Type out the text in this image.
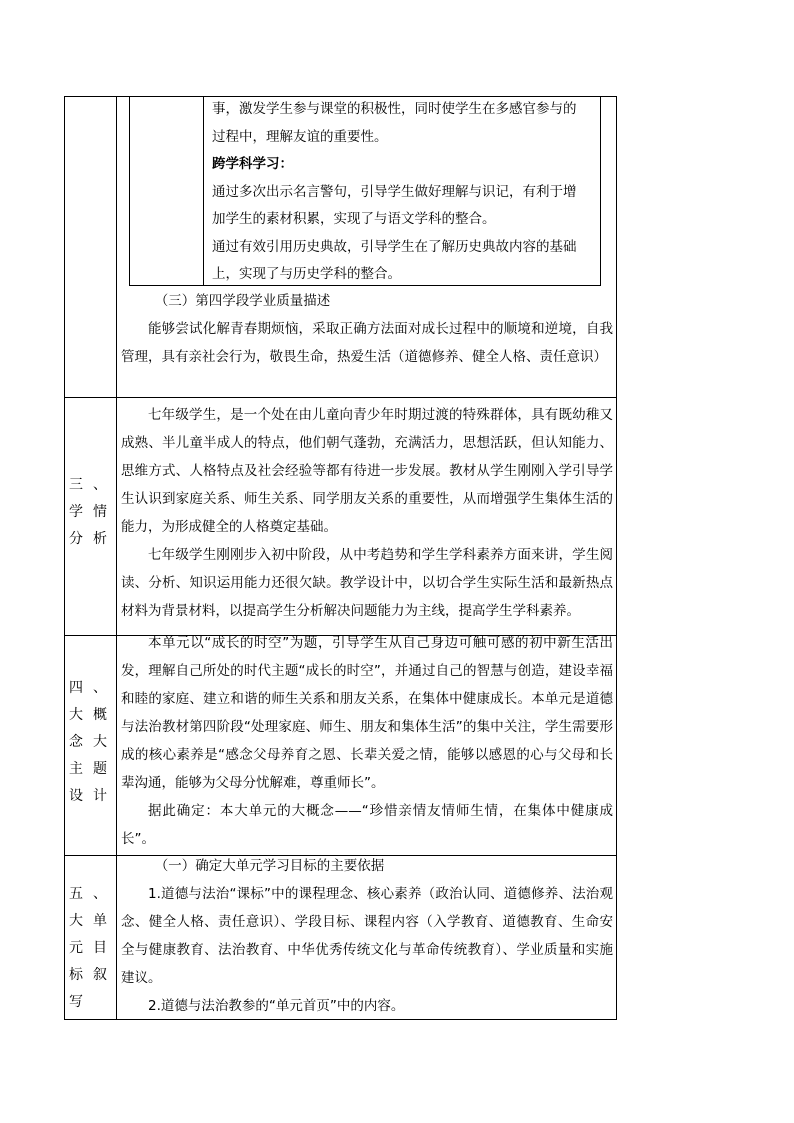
事，激发学生参与课堂的积极性，同时使学生在多感官参与的

过程中，理解友谊的重要性。

跨学科学习：

通过多次出示名言警句，引导学生做好理解与识记，有利于增

加学生的素材积累，实现了与语文学科的整合。

通过有效引用历史典故，引导学生在了解历史典故内容的基础

上，实现了与历史学科的整合。

（三）第四学段学业质量描述

能够尝试化解青春期烦恼，采取正确方法面对成长过程中的顺境和逆境，自我管理，具有亲社会行为，敬畏生命，热爱生活（道德修养、健全人格、责任意识）

三、学情分析

七年级学生，是一个处在由儿童向青少年时期过渡的特殊群体，具有既幼稚又成熟、半儿童半成人的特点，他们朝气蓬勃，充满活力，思想活跃，但认知能力、思维方式、人格特点及社会经验等都有待进一步发展。教材从学生刚刚入学引导学生认识到家庭关系、师生关系、同学朋友关系的重要性，从而增强学生集体生活的能力，为形成健全的人格奠定基础。

七年级学生刚刚步入初中阶段，从中考趋势和学生学科素养方面来讲，学生阅读、分析、知识运用能力还很欠缺。教学设计中，以切合学生实际生活和最新热点材料为背景材料，以提高学生分析解决问题能力为主线，提高学生学科素养。

四、大概念大主题设计

本单元以“成长的时空”为题，引导学生从自己身边可触可感的初中新生活出发，理解自己所处的时代主题“成长的时空”，并通过自己的智慧与创造，建设幸福和睦的家庭、建立和谐的师生关系和朋友关系，在集体中健康成长。本单元是道德与法治教材第四阶段“处理家庭、师生、朋友和集体生活”的集中关注，学生需要形成的核心素养是“感念父母养育之恩、长辈关爱之情，能够以感恩的心与父母和长辈沟通，能够为父母分忧解难，尊重师长”。

据此确定：本大单元的大概念——“珍惜亲情友情师生情，在集体中健康成长”。

五、大单元目标叙写

（一）确定大单元学习目标的主要依据

1.道德与法治“课标”中的课程理念、核心素养（政治认同、道德修养、法治观念、健全人格、责任意识）、学段目标、课程内容（入学教育、道德教育、生命安全与健康教育、法治教育、中华优秀传统文化与革命传统教育）、学业质量和实施建议。

2.道德与法治教参的“单元首页”中的内容。
